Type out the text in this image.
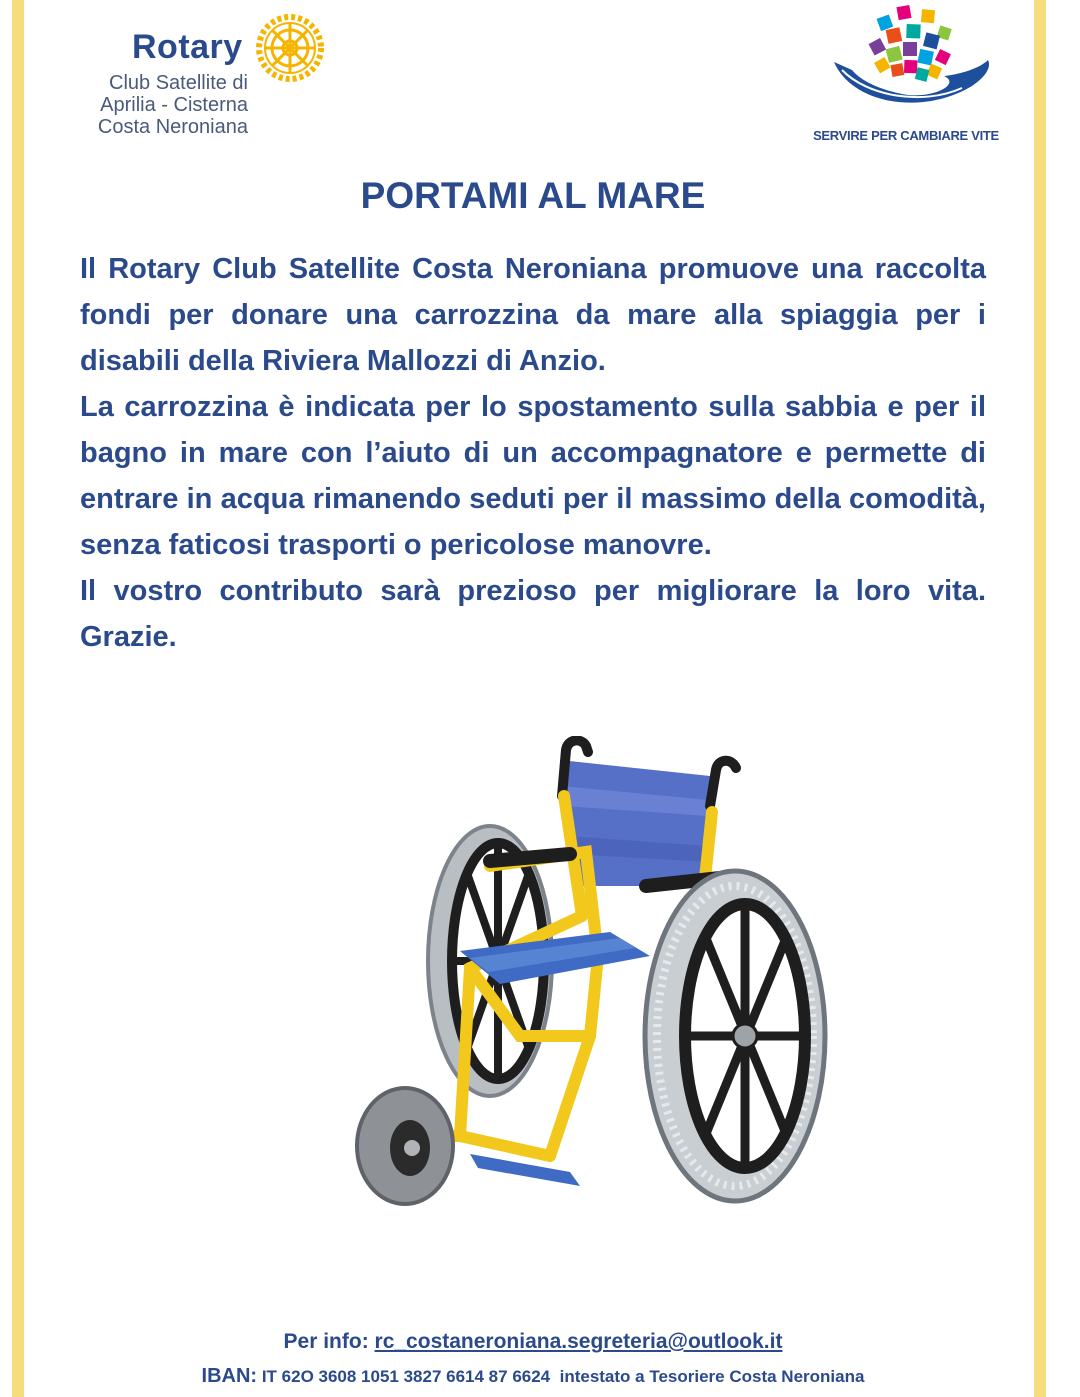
Rotary
Club Satellite di
Aprilia - Cisterna
Costa Neroniana	SERVIRE PER CAMBIARE VITE
PORTAMI AL MARE

Il Rotary Club Satellite Costa Neroniana promuove una raccolta fondi per donare una carrozzina da mare alla spiaggia per i disabili della Riviera Mallozzi di Anzio.

La carrozzina è indicata per lo spostamento sulla sabbia e per il bagno in mare con l’aiuto di un accompagnatore e permette di entrare in acqua rimanendo seduti per il massimo della comodità, senza faticosi trasporti o pericolose manovre.

Il vostro contributo sarà prezioso per migliorare la loro vita. Grazie.

Per info: rc_costaneroniana.segreteria@outlook.it
IBAN: IT 62O 3608 1051 3827 6614 87 6624 intestato a Tesoriere Costa Neroniana
